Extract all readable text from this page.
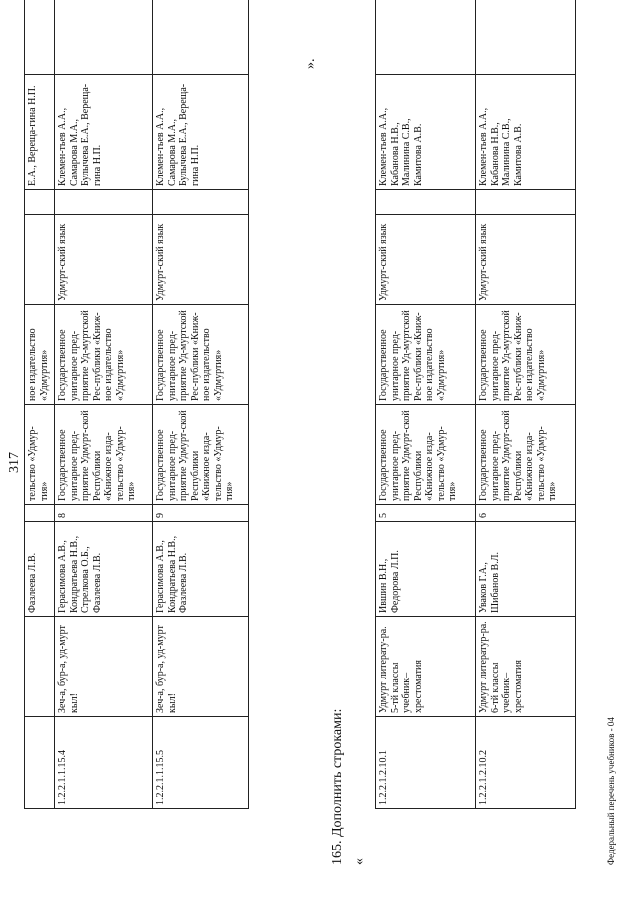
317
		Фазлеева Л.В.		тельство «Удмур-тия»	ное издательство «Удмуртия»			Е.А., Вереща-гина Н.П.		
1.2.2.1.1.15.4	Зеч-а, бур-а, уд-мурт кыл!	Герасимова А.В., Кондратьева Н.В., Стрелкова О.Б., Фазлеева Л.В.	8	Государственное унитарное пред-приятие Удмурт-ской Республики «Книжное изда-тельство «Удмур-тия»	Государственное унитарное пред-приятие Уд-муртской Рес-публики «Книж-ное издательство «Удмуртия»	Удмурт-ский язык		Клемен-тьев А.А., Самарова М.А., Булычева Е.А., Вереща-гина Н.П.		
1.2.2.1.1.15.5	Зеч-а, бур-а, уд-мурт кыл!	Герасимова А.В., Кондратьева Н.В., Фазлеева Л.В.	9	Государственное унитарное пред-приятие Удмурт-ской Республики «Книжное изда-тельство «Удмур-тия»	Государственное унитарное пред-приятие Уд-муртской Рес-публики «Книж-ное издательство «Удмуртия»	Удмурт-ский язык		Клемен-тьев А.А., Самарова М.А., Булычева Е.А., Вереща-гина Н.П.		
».
165. Дополнить строками: «
1.2.2.1.2.10.1	Удмурт литерату-ра. 5-тй классы учебник–хрестоматия	Ившин В.Н., Федорова Л.П.	5	Государственное унитарное пред-приятие Удмурт-ской Республики «Книжное изда-тельство «Удмур-тия»	Государственное унитарное пред-приятие Уд-муртской Рес-публики «Книж-ное издательство «Удмуртия»	Удмурт-ский язык		Клемен-тьев А.А., Кабанова Н.В., Малинина С.В., Камитова А.В.		
1.2.2.1.2.10.2	Удмурт литератур-ра. 6-тй классы учебник–хрестоматия	Уваков Г.А., Шибанов В.Л.	6	Государственное унитарное пред-приятие Удмурт-ской Республики «Книжное изда-тельство «Удмур-тия»	Государственное унитарное пред-приятие Уд-муртской Рес-публики «Книж-ное издательство «Удмуртия»	Удмурт-ский язык		Клемен-тьев А.А., Кабанова Н.В., Малинина С.В., Камитова А.В.		
Федеральный перечень учебников - 04
